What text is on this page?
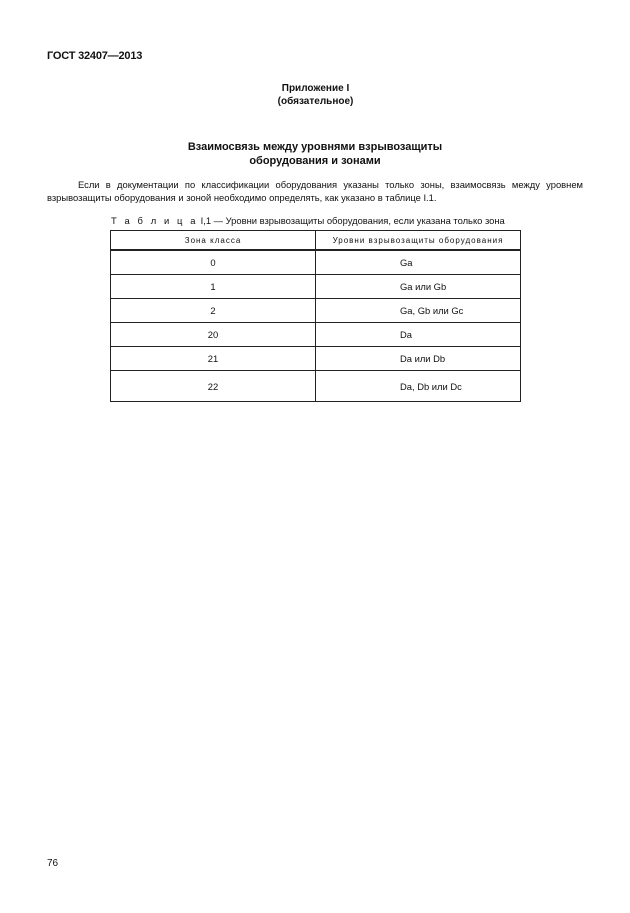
ГОСТ 32407—2013
Приложение I
(обязательное)
Взаимосвязь между уровнями взрывозащиты
оборудования и зонами

Если в документации по классификации оборудования указаны только зоны, взаимосвязь между уровнем взрывозащиты оборудования и зоной необходимо определять, как указано в таблице I.1.

Т а б л и ц а I,1 — Уровни взрывозащиты оборудования, если указана только зона
Зона класса	Уровни взрывозащиты оборудования
0	Ga
1	Ga или Gb
2	Ga, Gb или Gc
20	Da
21	Da или Db
22	Da, Db или Dc
76
